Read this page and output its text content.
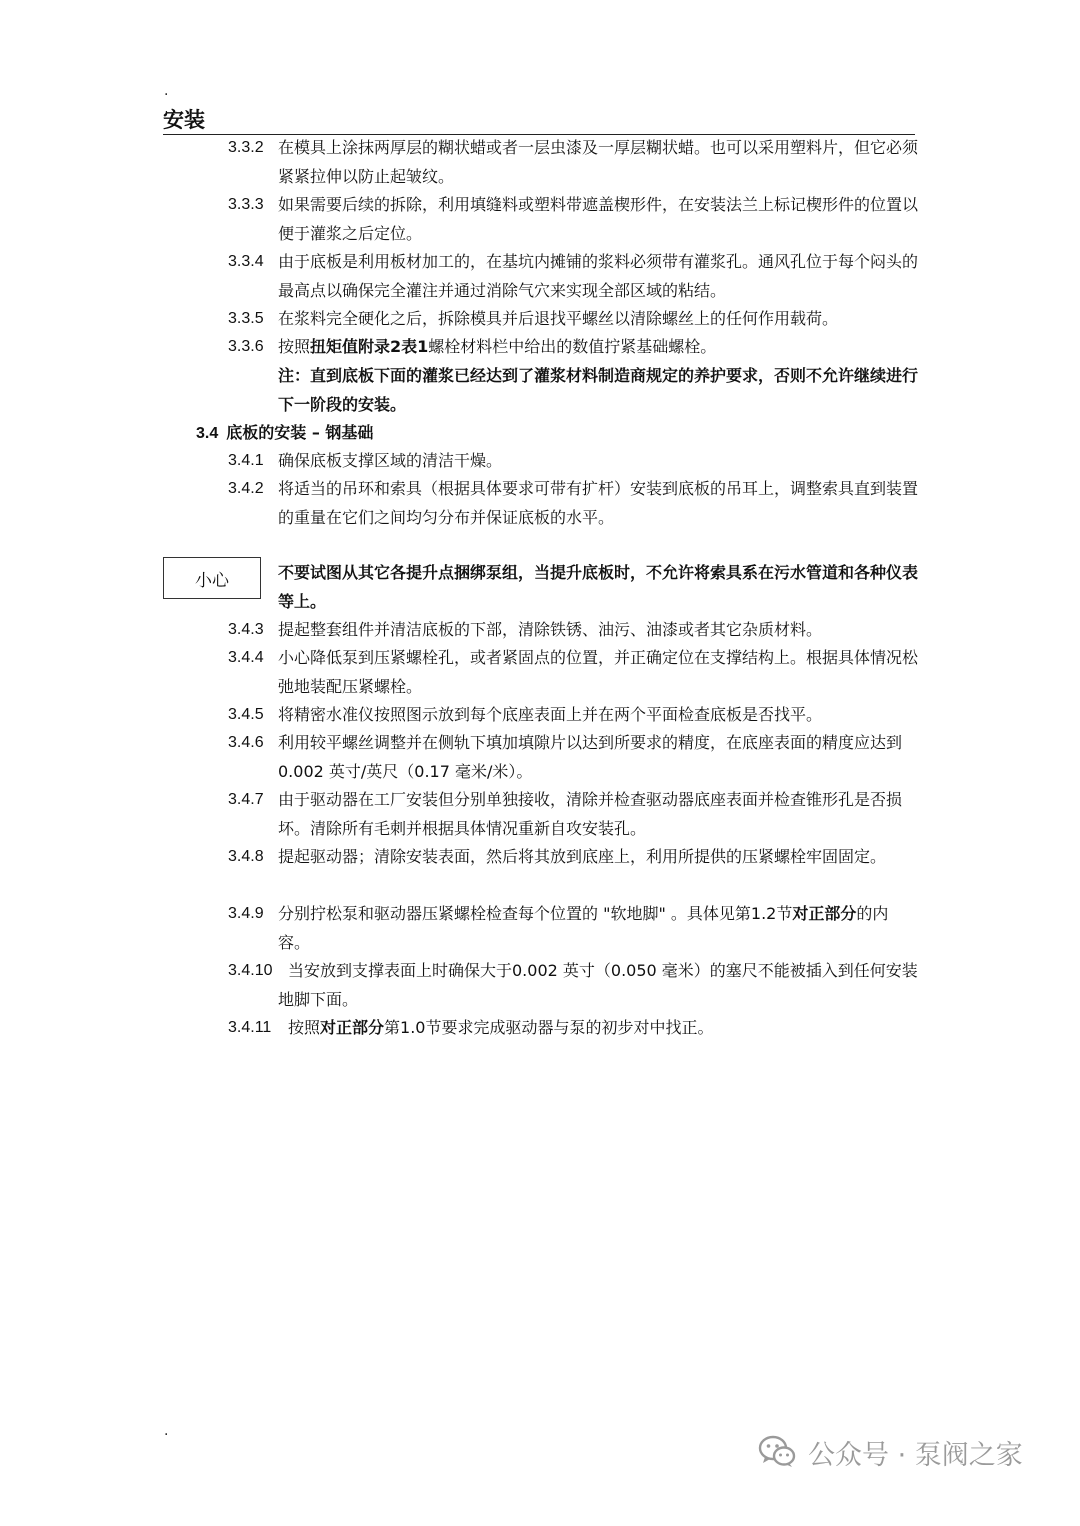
.
安装
3.3.2 在模具上涂抹两厚层的糊状蜡或者一层虫漆及一厚层糊状蜡。也可以采用塑料片，但它必须紧紧拉伸以防止起皱纹。
3.3.3 如果需要后续的拆除，利用填缝料或塑料带遮盖楔形件，在安装法兰上标记楔形件的位置以便于灌浆之后定位。
3.3.4 由于底板是利用板材加工的，在基坑内摊铺的浆料必须带有灌浆孔。通风孔位于每个闷头的最高点以确保完全灌注并通过消除气穴来实现全部区域的粘结。
3.3.5 在浆料完全硬化之后，拆除模具并后退找平螺丝以清除螺丝上的任何作用载荷。
3.3.6 按照扭矩值附录2表1螺栓材料栏中给出的数值拧紧基础螺栓。
注：直到底板下面的灌浆已经达到了灌浆材料制造商规定的养护要求，否则不允许继续进行下一阶段的安装。
3.4 底板的安装 – 钢基础
3.4.1 确保底板支撑区域的清洁干燥。
3.4.2 将适当的吊环和索具（根据具体要求可带有扩杆）安装到底板的吊耳上，调整索具直到装置的重量在它们之间均匀分布并保证底板的水平。
小心	不要试图从其它各提升点捆绑泵组，当提升底板时，不允许将索具系在污水管道和各种仪表等上。
3.4.3 提起整套组件并清洁底板的下部，清除铁锈、油污、油漆或者其它杂质材料。
3.4.4 小心降低泵到压紧螺栓孔，或者紧固点的位置，并正确定位在支撑结构上。根据具体情况松弛地装配压紧螺栓。
3.4.5 将精密水准仪按照图示放到每个底座表面上并在两个平面检查底板是否找平。
3.4.6 利用较平螺丝调整并在侧轨下填加填隙片以达到所要求的精度，在底座表面的精度应达到0.002 英寸/英尺（0.17 毫米/米）。
3.4.7 由于驱动器在工厂安装但分别单独接收，清除并检查驱动器底座表面并检查锥形孔是否损坏。清除所有毛刺并根据具体情况重新自攻安装孔。
3.4.8 提起驱动器；清除安装表面，然后将其放到底座上，利用所提供的压紧螺栓牢固固定。
3.4.9 分别拧松泵和驱动器压紧螺栓检查每个位置的 "软地脚" 。具体见第1.2节对正部分的内容。
3.4.10 当安放到支撑表面上时确保大于0.002 英寸（0.050 毫米）的塞尺不能被插入到任何安装地脚下面。
3.4.11 按照对正部分第1.0节要求完成驱动器与泵的初步对中找正。
.
公众号 · 泵阀之家
